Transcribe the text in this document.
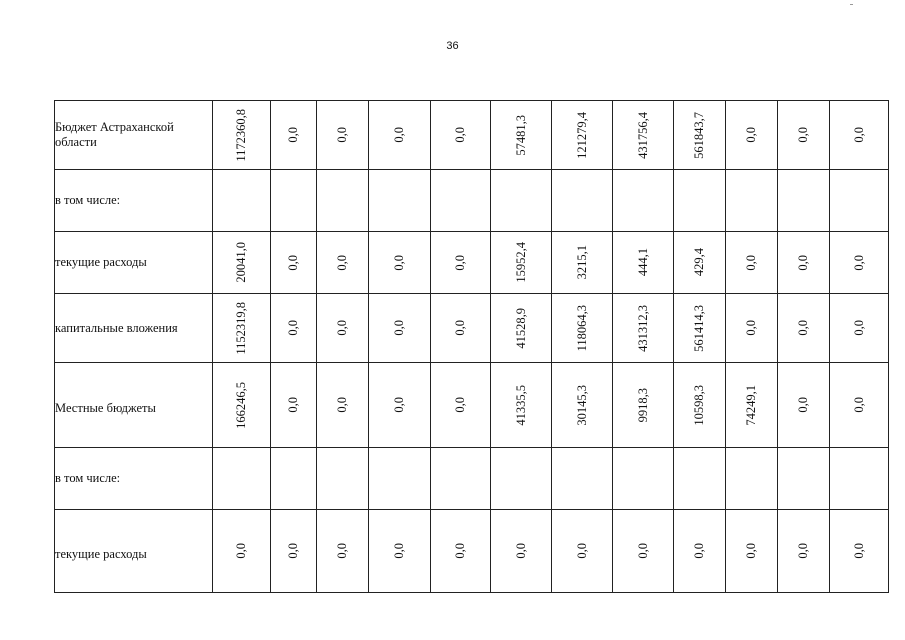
36
Бюджет Астраханской области	1172360,8	0,0	0,0	0,0	0,0	57481,3	121279,4	431756,4	561843,7	0,0	0,0	0,0

в том числе:	

текущие расходы	20041,0	0,0	0,0	0,0	0,0	15952,4	3215,1	444,1	429,4	0,0	0,0	0,0

капитальные вложения	1152319,8	0,0	0,0	0,0	0,0	41528,9	118064,3	431312,3	561414,3	0,0	0,0	0,0

Местные бюджеты	166246,5	0,0	0,0	0,0	0,0	41335,5	30145,3	9918,3	10598,3	74249,1	0,0	0,0

в том числе:	

текущие расходы	0,0	0,0	0,0	0,0	0,0	0,0	0,0	0,0	0,0	0,0	0,0	0,0
